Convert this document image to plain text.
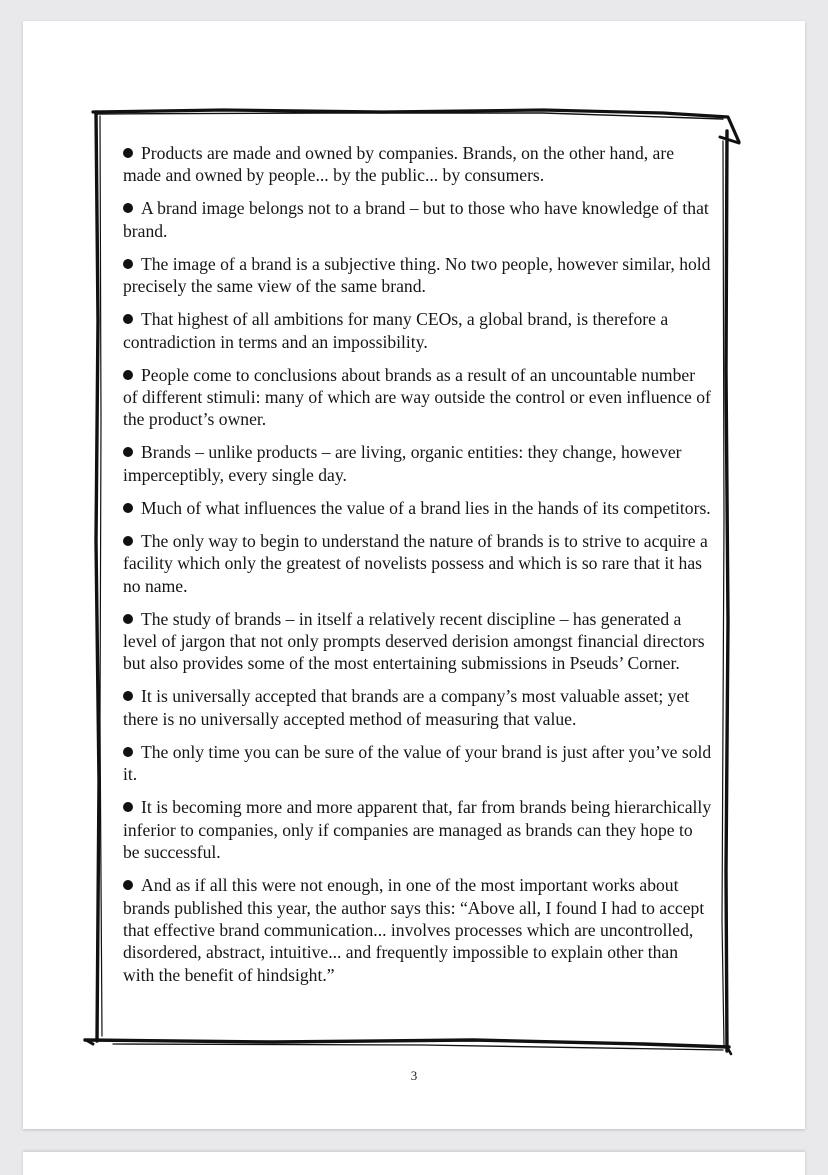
Products are made and owned by companies. Brands, on the other hand, are made and owned by people... by the public... by consumers.

A brand image belongs not to a brand – but to those who have knowledge of that brand.

The image of a brand is a subjective thing. No two people, however similar, hold precisely the same view of the same brand.

That highest of all ambitions for many CEOs, a global brand, is therefore a contradiction in terms and an impossibility.

People come to conclusions about brands as a result of an uncountable number of different stimuli: many of which are way outside the control or even influence of the product’s owner.

Brands – unlike products – are living, organic entities: they change, however imperceptibly, every single day.

Much of what influences the value of a brand lies in the hands of its competitors.

The only way to begin to understand the nature of brands is to strive to acquire a facility which only the greatest of novelists possess and which is so rare that it has no name.

The study of brands – in itself a relatively recent discipline – has generated a level of jargon that not only prompts deserved derision amongst financial directors but also provides some of the most entertaining submissions in Pseuds’ Corner.

It is universally accepted that brands are a company’s most valuable asset; yet there is no universally accepted method of measuring that value.

The only time you can be sure of the value of your brand is just after you’ve sold it.

It is becoming more and more apparent that, far from brands being hierarchically inferior to companies, only if companies are managed as brands can they hope to be successful.

And as if all this were not enough, in one of the most important works about brands published this year, the author says this: “Above all, I found I had to accept that effective brand communication... involves processes which are uncontrolled, disordered, abstract, intuitive... and frequently impossible to explain other than with the benefit of hindsight.”

3
